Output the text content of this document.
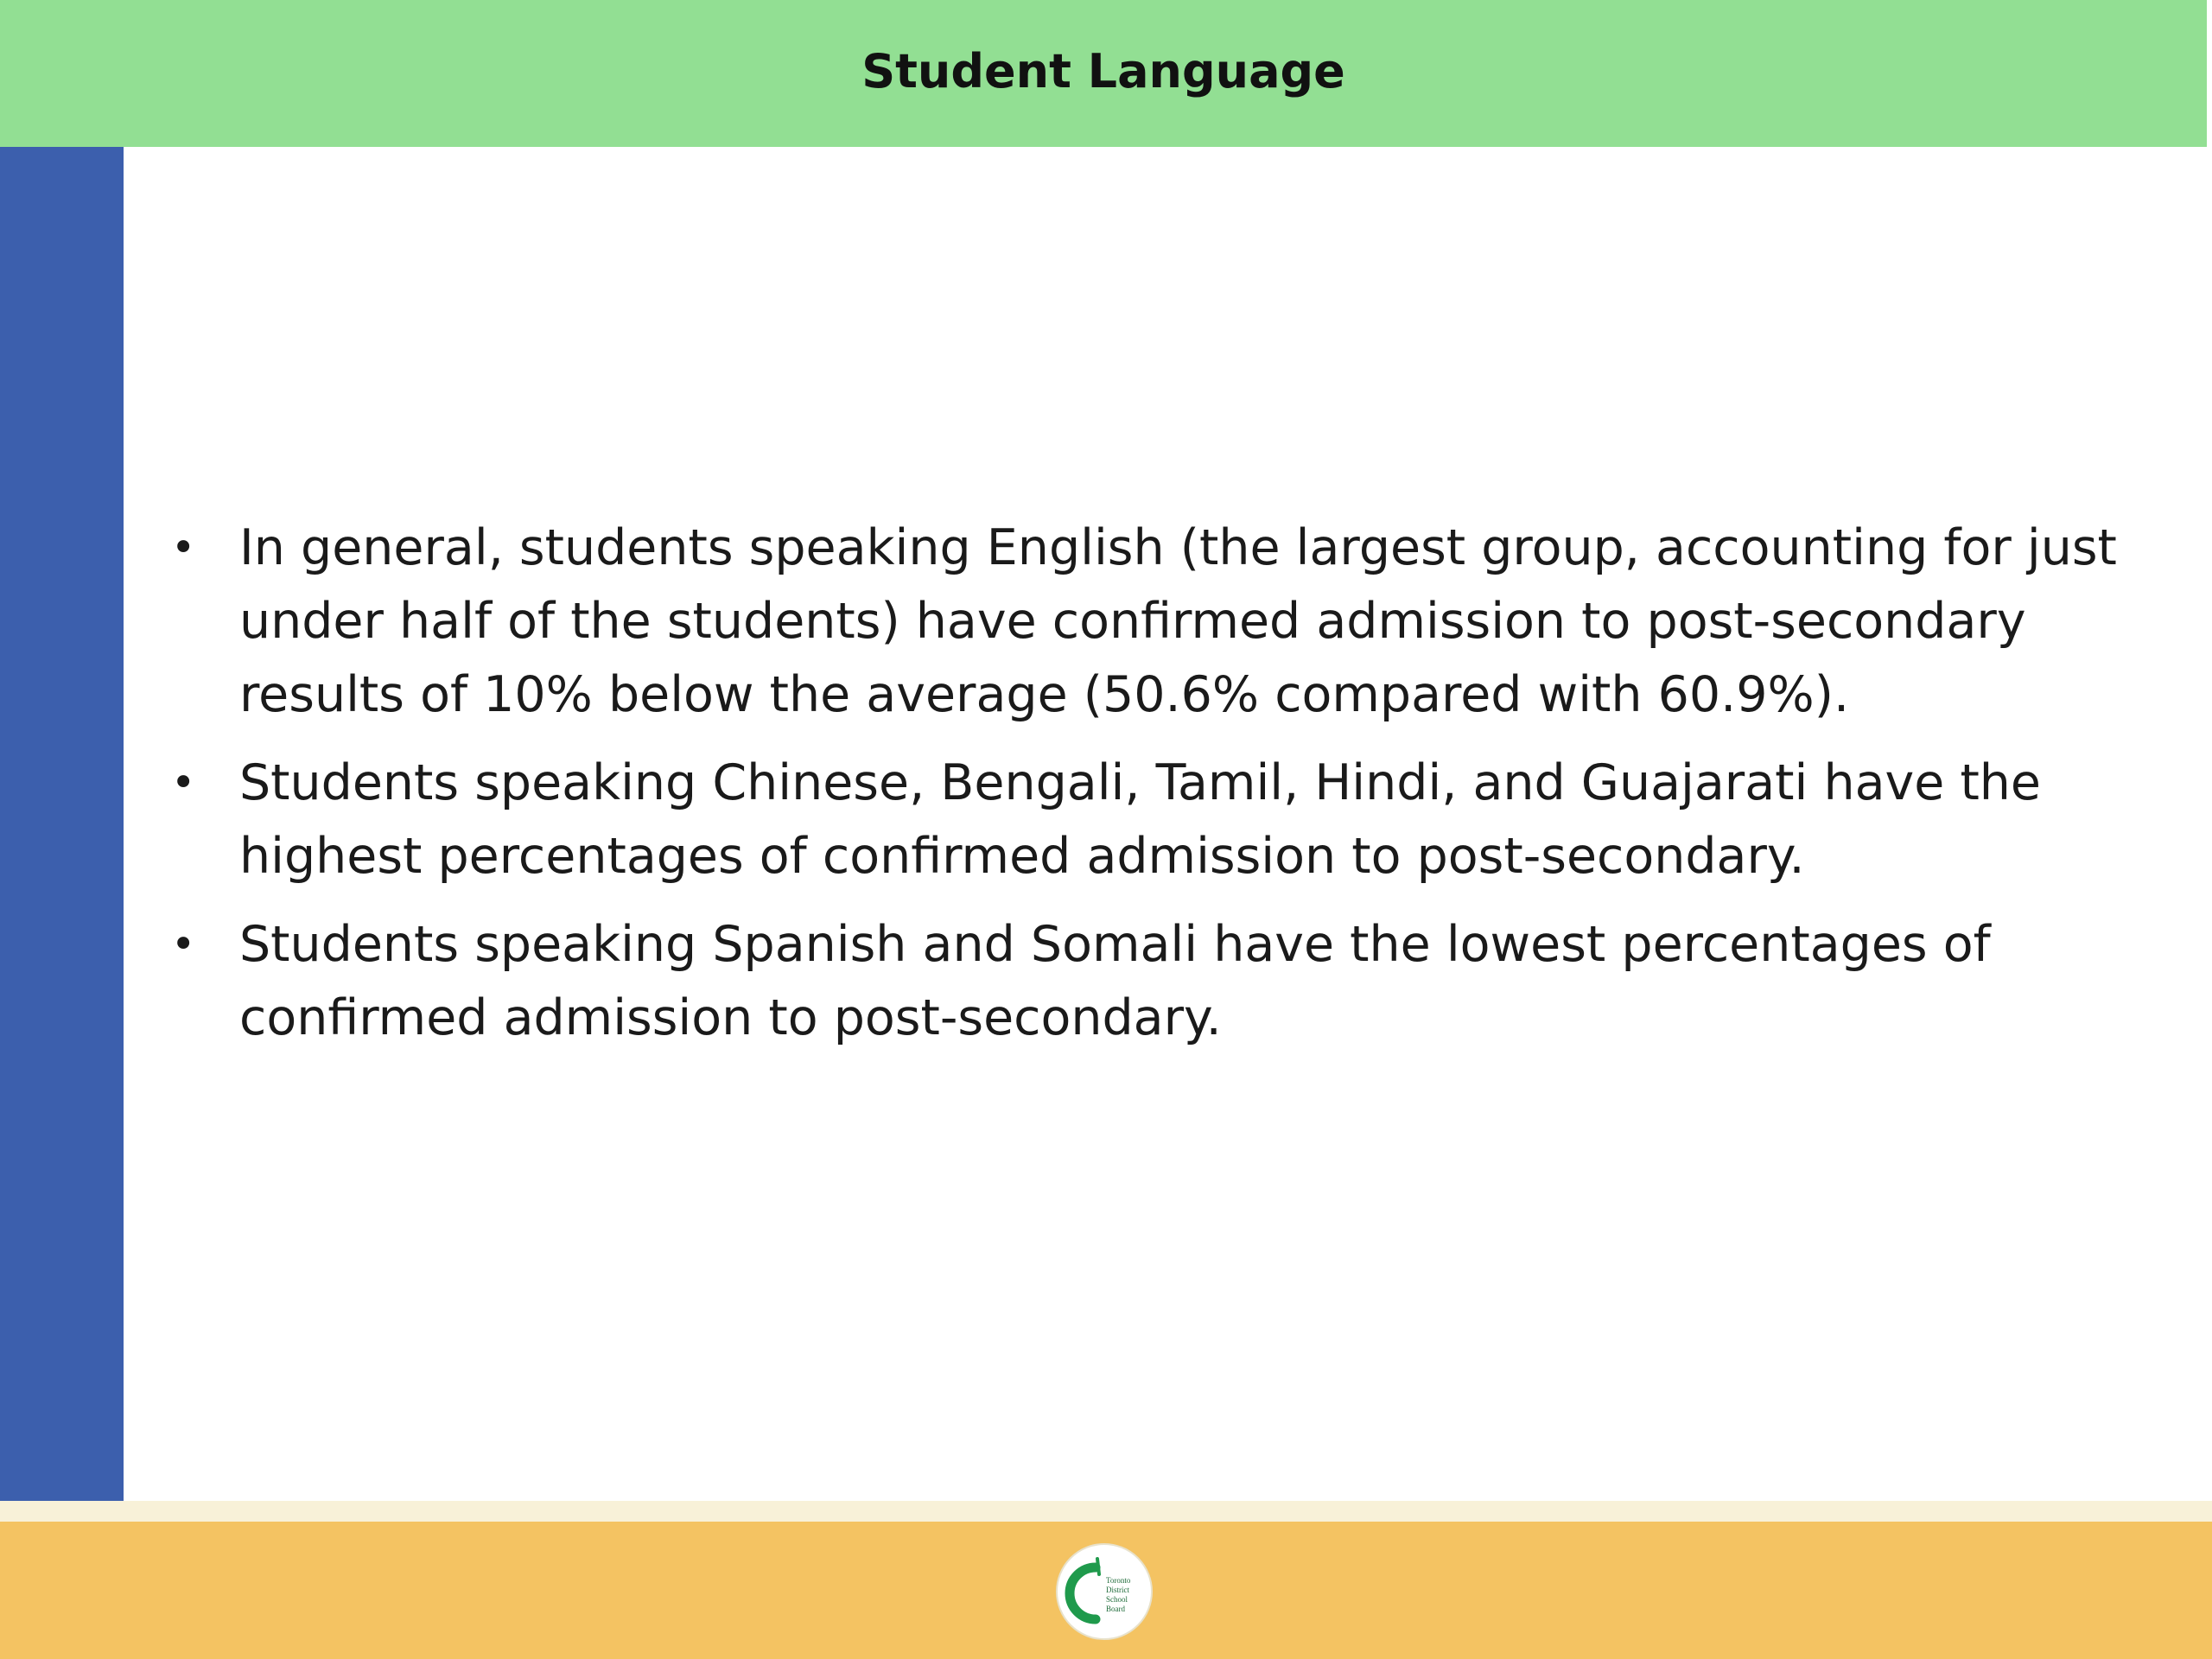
Student Language
• In general, students speaking English (the largest group, accounting for just
under half of the students) have confirmed admission to post-secondary
results of 10% below the average (50.6% compared with 60.9%).
• Students speaking Chinese, Bengali, Tamil, Hindi, and Guajarati have the
highest percentages of confirmed admission to post-secondary.
• Students speaking Spanish and Somali have the lowest percentages of
confirmed admission to post-secondary.
Toronto
District
School
Board
